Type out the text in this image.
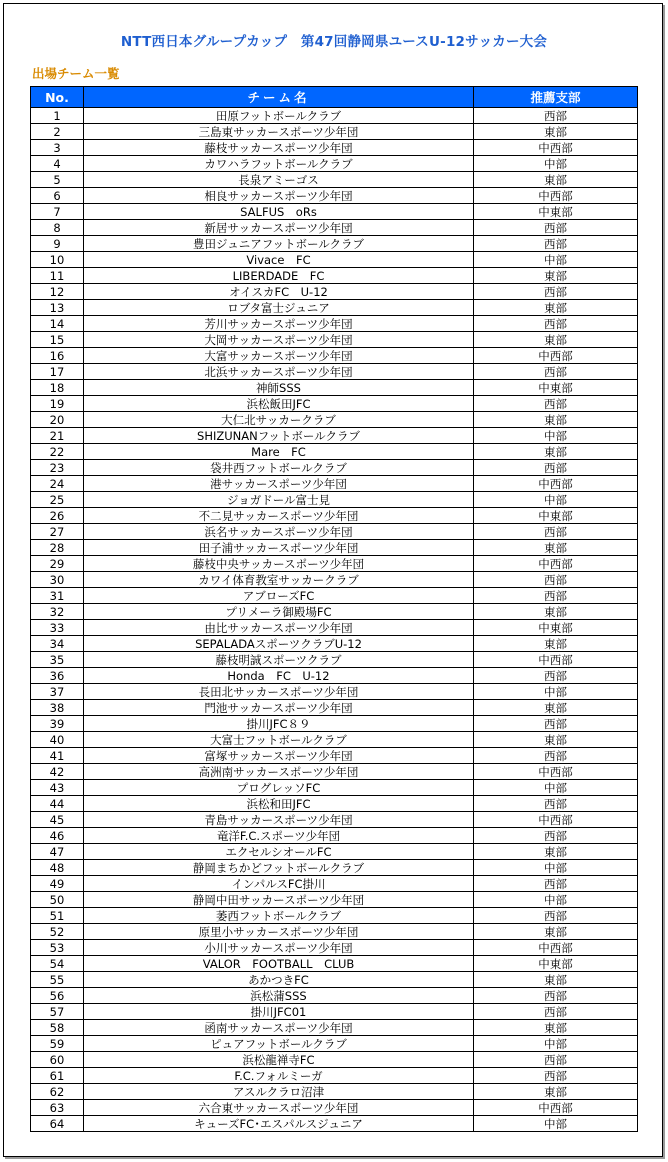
NTT西日本グループカップ　第47回静岡県ユースU-12サッカー大会
出場チーム一覧
No.	チーム名	推薦支部
1	田原フットボールクラブ	西部
2	三島東サッカースポーツ少年団	東部
3	藤枝サッカースポーツ少年団	中西部
4	カワハラフットボールクラブ	中部
5	長泉アミーゴス	東部
6	相良サッカースポーツ少年団	中西部
7	SALFUS　oRs	中東部
8	新居サッカースポーツ少年団	西部
9	豊田ジュニアフットボールクラブ	西部
10	Vivace　FC	中部
11	LIBERDADE　FC	東部
12	オイスカFC　U-12	西部
13	ロブタ富士ジュニア	東部
14	芳川サッカースポーツ少年団	西部
15	大岡サッカースポーツ少年団	東部
16	大富サッカースポーツ少年団	中西部
17	北浜サッカースポーツ少年団	西部
18	神師SSS	中東部
19	浜松飯田JFC	西部
20	大仁北サッカークラブ	東部
21	SHIZUNANフットボールクラブ	中部
22	Mare　FC	東部
23	袋井西フットボールクラブ	西部
24	港サッカースポーツ少年団	中西部
25	ジョガドール富士見	中部
26	不二見サッカースポーツ少年団	中東部
27	浜名サッカースポーツ少年団	西部
28	田子浦サッカースポーツ少年団	東部
29	藤枝中央サッカースポーツ少年団	中西部
30	カワイ体育教室サッカークラブ	西部
31	アブローズFC	西部
32	プリメーラ御殿場FC	東部
33	由比サッカースポーツ少年団	中東部
34	SEPALADAスポーツクラブU-12	東部
35	藤枝明誠スポーツクラブ	中西部
36	Honda　FC　U-12	西部
37	長田北サッカースポーツ少年団	中部
38	門池サッカースポーツ少年団	東部
39	掛川JFC８９	西部
40	大富士フットボールクラブ	東部
41	富塚サッカースポーツ少年団	西部
42	高洲南サッカースポーツ少年団	中西部
43	プログレッソFC	中部
44	浜松和田JFC	西部
45	青島サッカースポーツ少年団	中西部
46	竜洋F.C.スポーツ少年団	西部
47	エクセルシオールFC	東部
48	静岡まちかどフットボールクラブ	中部
49	インパルスFC掛川	西部
50	静岡中田サッカースポーツ少年団	中部
51	萎西フットボールクラブ	西部
52	原里小サッカースポーツ少年団	東部
53	小川サッカースポーツ少年団	中西部
54	VALOR　FOOTBALL　CLUB	中東部
55	あかつきFC	東部
56	浜松蒲SSS	西部
57	掛川JFC01	西部
58	函南サッカースポーツ少年団	東部
59	ピュアフットボールクラブ	中部
60	浜松龍禅寺FC	西部
61	F.C.フォルミーガ	西部
62	アスルクラロ沼津	東部
63	六合東サッカースポーツ少年団	中西部
64	キューズFC･エスパルスジュニア	中部
